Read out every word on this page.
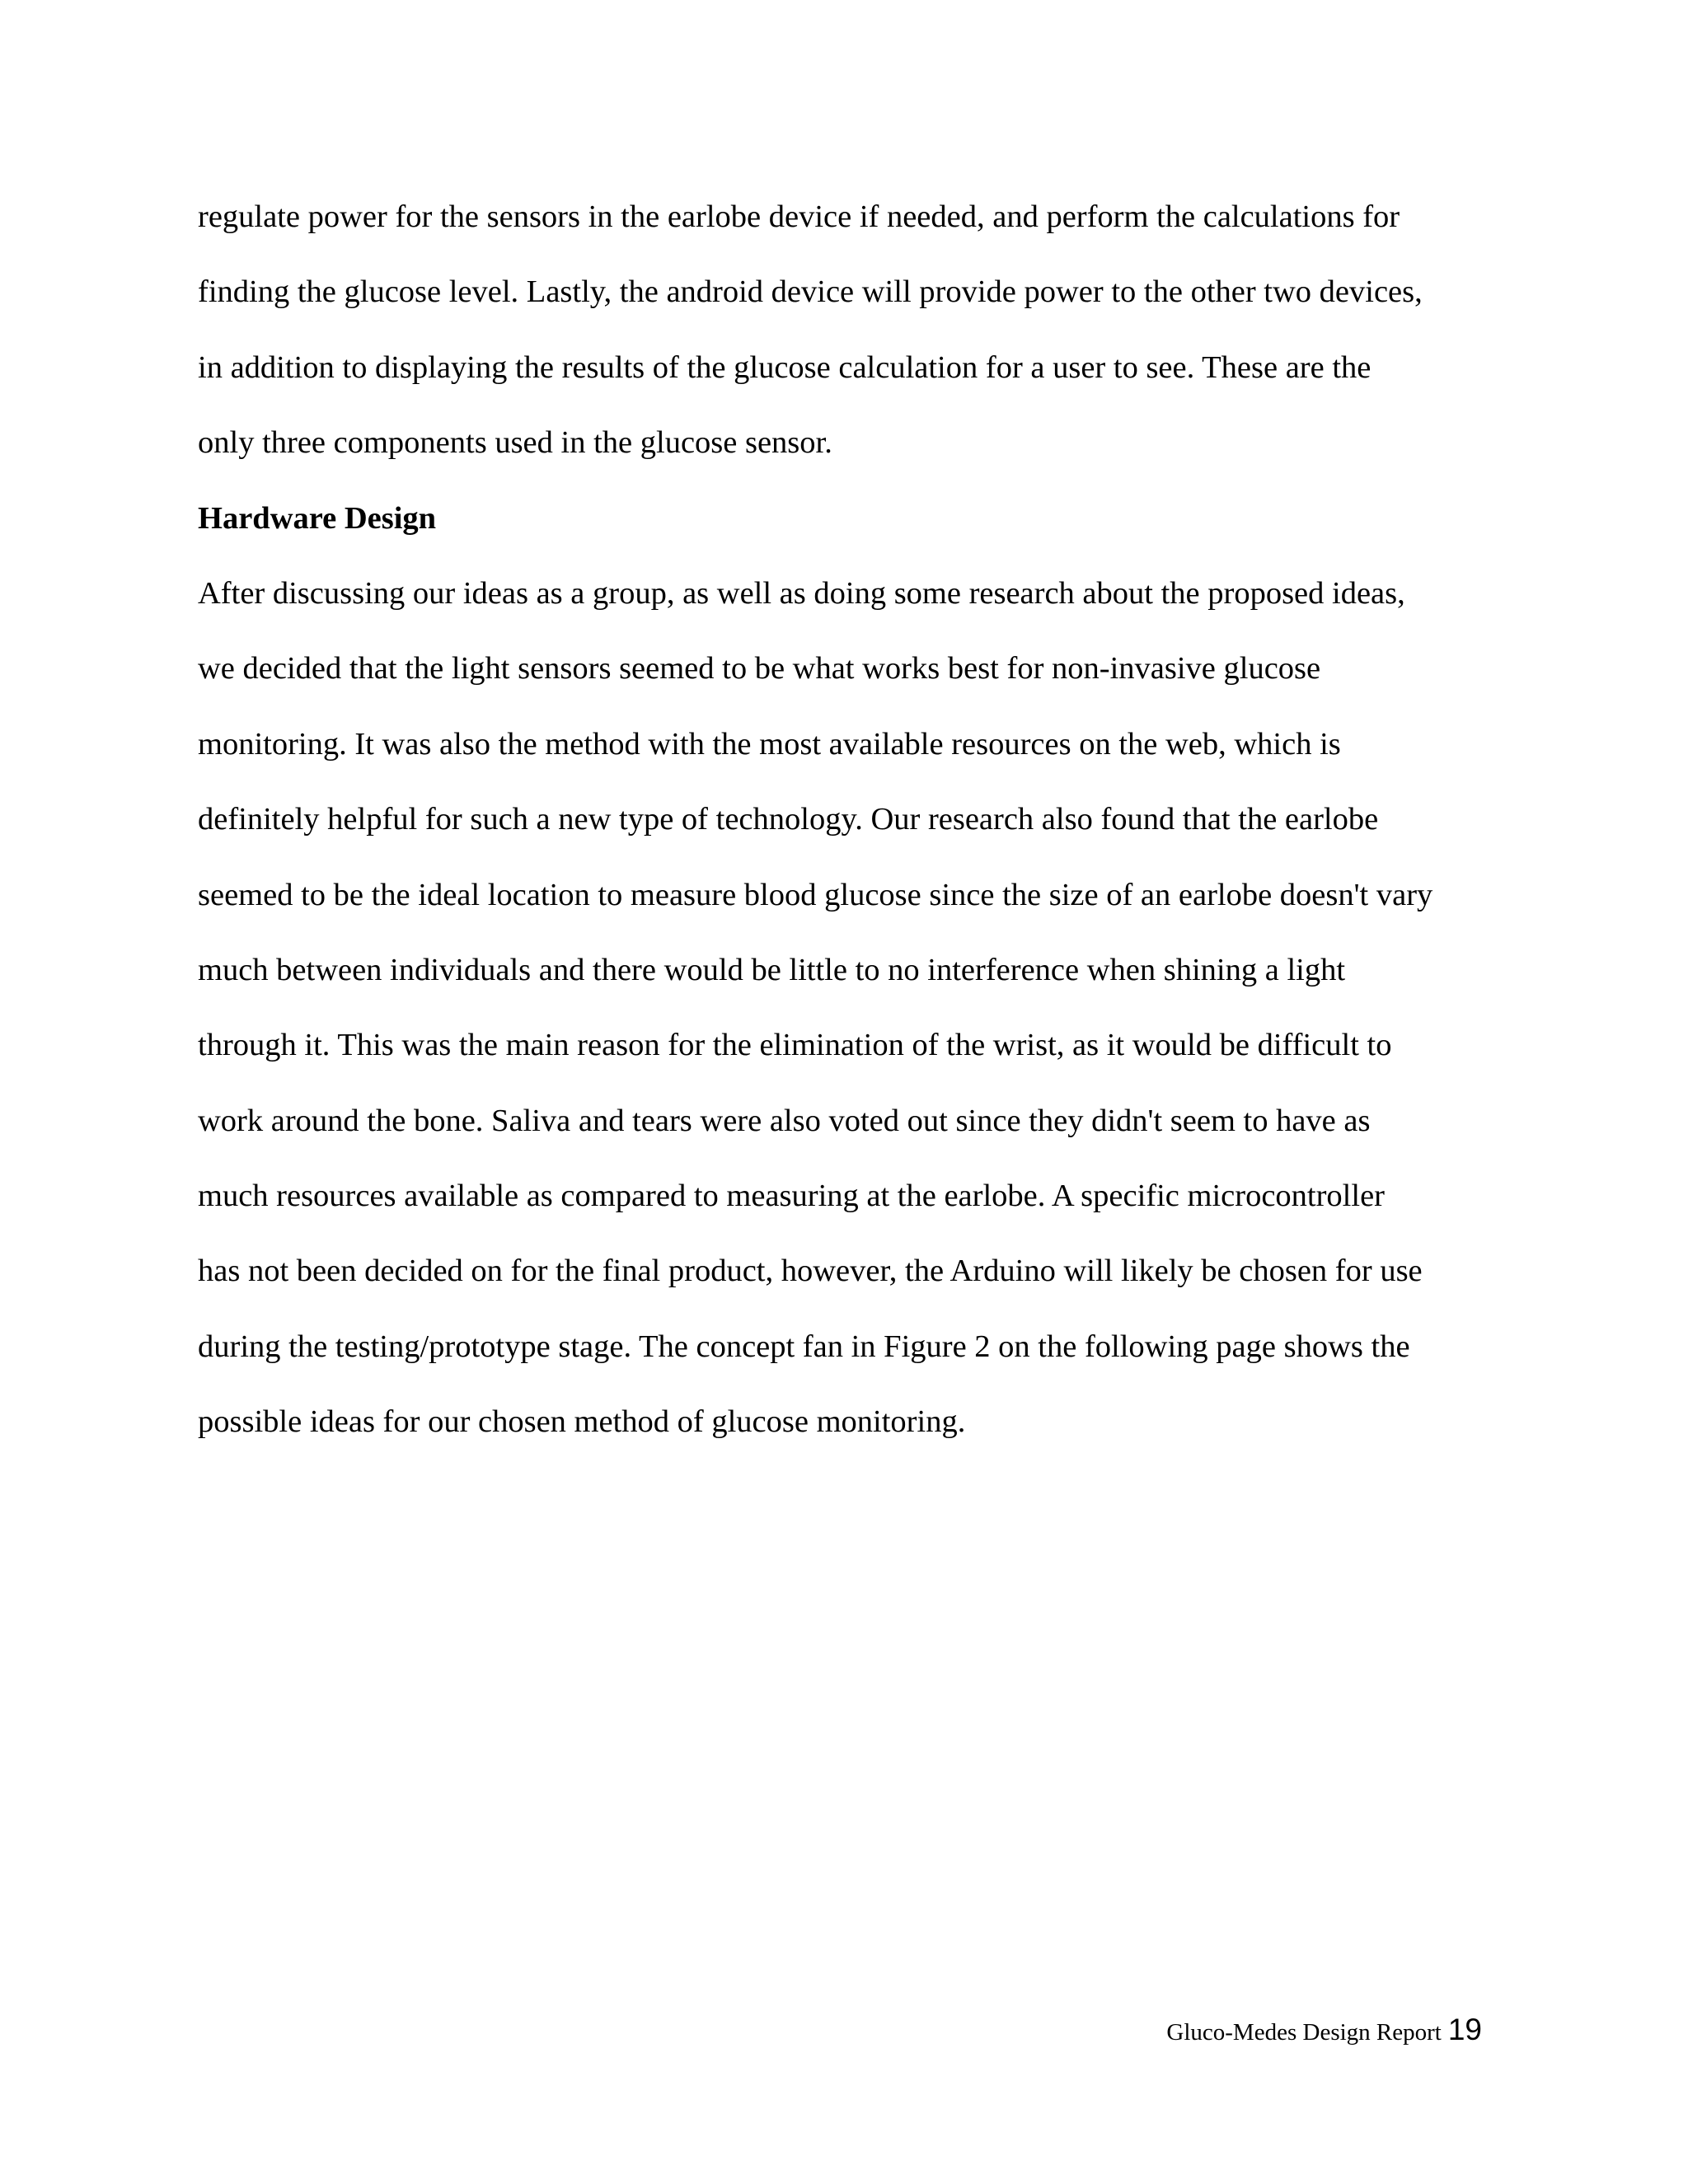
regulate power for the sensors in the earlobe device if needed, and perform the calculations for
finding the glucose level. Lastly, the android device will provide power to the other two devices,
in addition to displaying the results of the glucose calculation for a user to see. These are the
only three components used in the glucose sensor.
Hardware Design
After discussing our ideas as a group, as well as doing some research about the proposed ideas,
we decided that the light sensors seemed to be what works best for non-invasive glucose
monitoring. It was also the method with the most available resources on the web, which is
definitely helpful for such a new type of technology. Our research also found that the earlobe
seemed to be the ideal location to measure blood glucose since the size of an earlobe doesn't vary
much between individuals and there would be little to no interference when shining a light
through it. This was the main reason for the elimination of the wrist, as it would be difficult to
work around the bone. Saliva and tears were also voted out since they didn't seem to have as
much resources available as compared to measuring at the earlobe. A specific microcontroller
has not been decided on for the final product, however, the Arduino will likely be chosen for use
during the testing/prototype stage. The concept fan in Figure 2 on the following page shows the
possible ideas for our chosen method of glucose monitoring.
Gluco-Medes Design Report 19
